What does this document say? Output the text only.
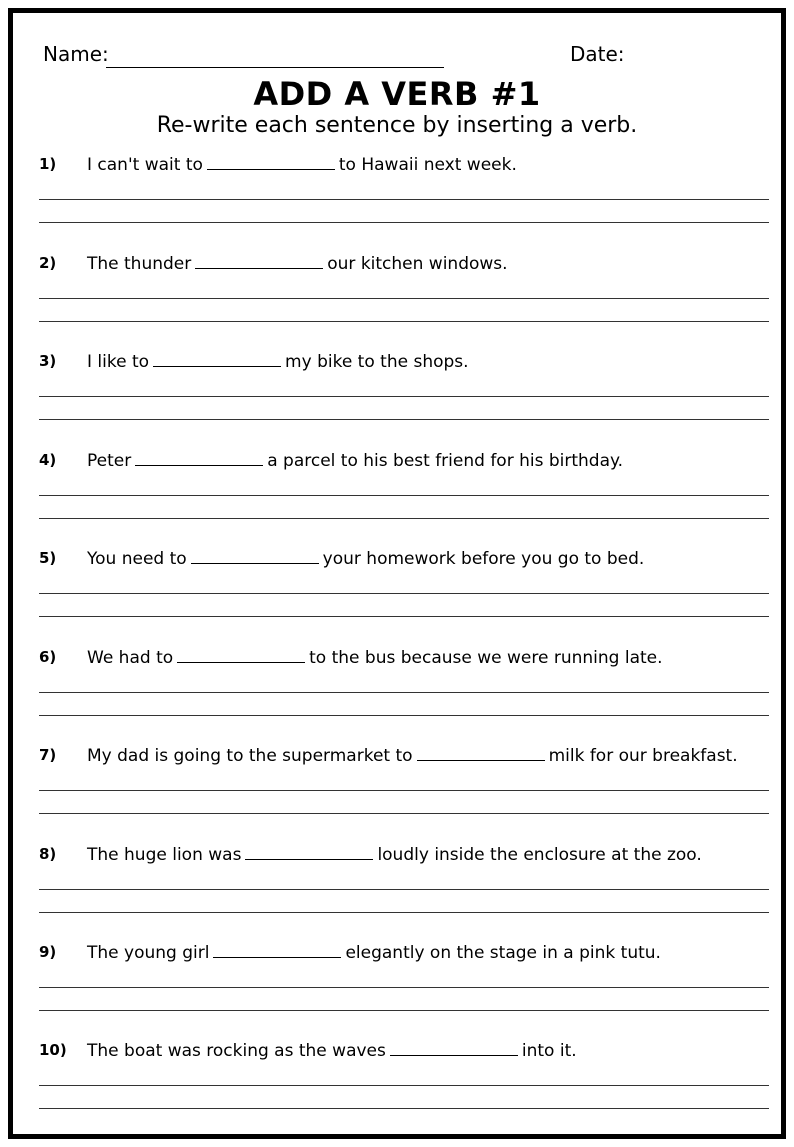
Name:	Date:
ADD A VERB #1
Re-write each sentence by inserting a verb.
1) I can't wait to	to Hawaii next week.
2) The thunder	our kitchen windows.
3) I like to	my bike to the shops.
4) Peter	a parcel to his best friend for his birthday.
5) You need to	your homework before you go to bed.
6) We had to	to the bus because we were running late.
7) My dad is going to the supermarket to	milk for our breakfast.
8) The huge lion was	loudly inside the enclosure at the zoo.
9) The young girl	elegantly on the stage in a pink tutu.
10) The boat was rocking as the waves	into it.
